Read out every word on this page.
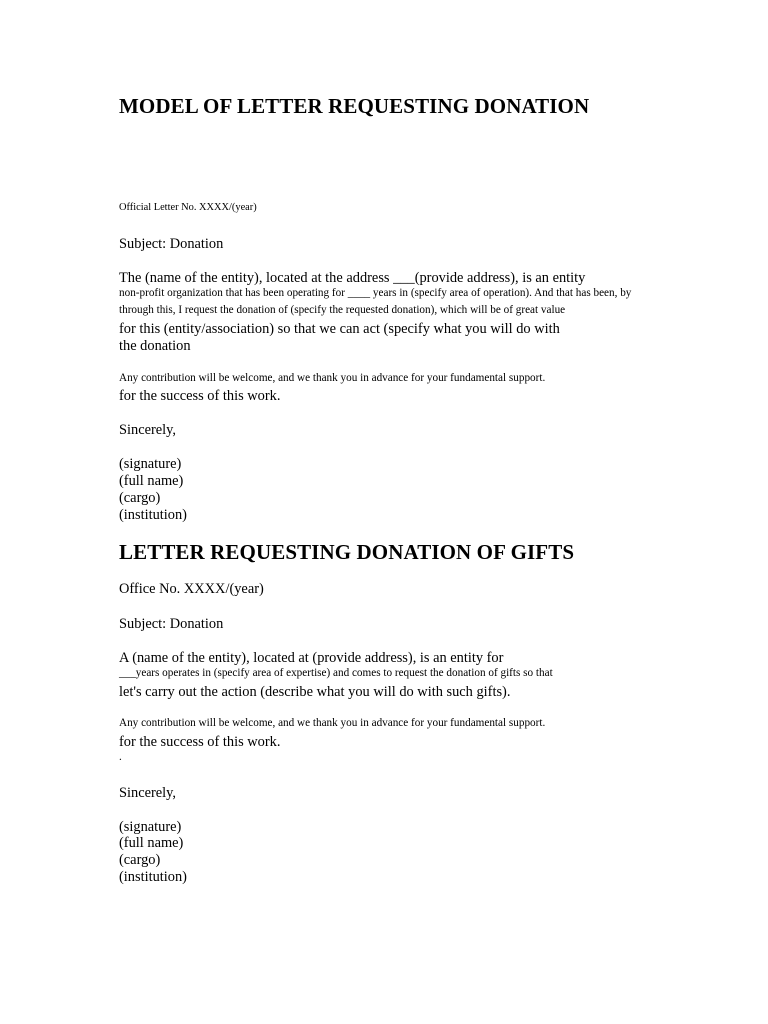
MODEL OF LETTER REQUESTING DONATION

Official Letter No. XXXX/(year)

Subject: Donation

The (name of the entity), located at the address ___(provide address), is an entity

non-profit organization that has been operating for ____ years in (specify area of operation). And that has been, by

through this, I request the donation of (specify the requested donation), which will be of great value

for this (entity/association) so that we can act (specify what you will do with

the donation

Any contribution will be welcome, and we thank you in advance for your fundamental support.

for the success of this work.

Sincerely,

(signature)

(full name)

(cargo)

(institution)

LETTER REQUESTING DONATION OF GIFTS

Office No. XXXX/(year)

Subject: Donation

A (name of the entity), located at (provide address), is an entity for

___years operates in (specify area of expertise) and comes to request the donation of gifts so that

let's carry out the action (describe what you will do with such gifts).

Any contribution will be welcome, and we thank you in advance for your fundamental support.

for the success of this work.

.

Sincerely,

(signature)

(full name)

(cargo)

(institution)
